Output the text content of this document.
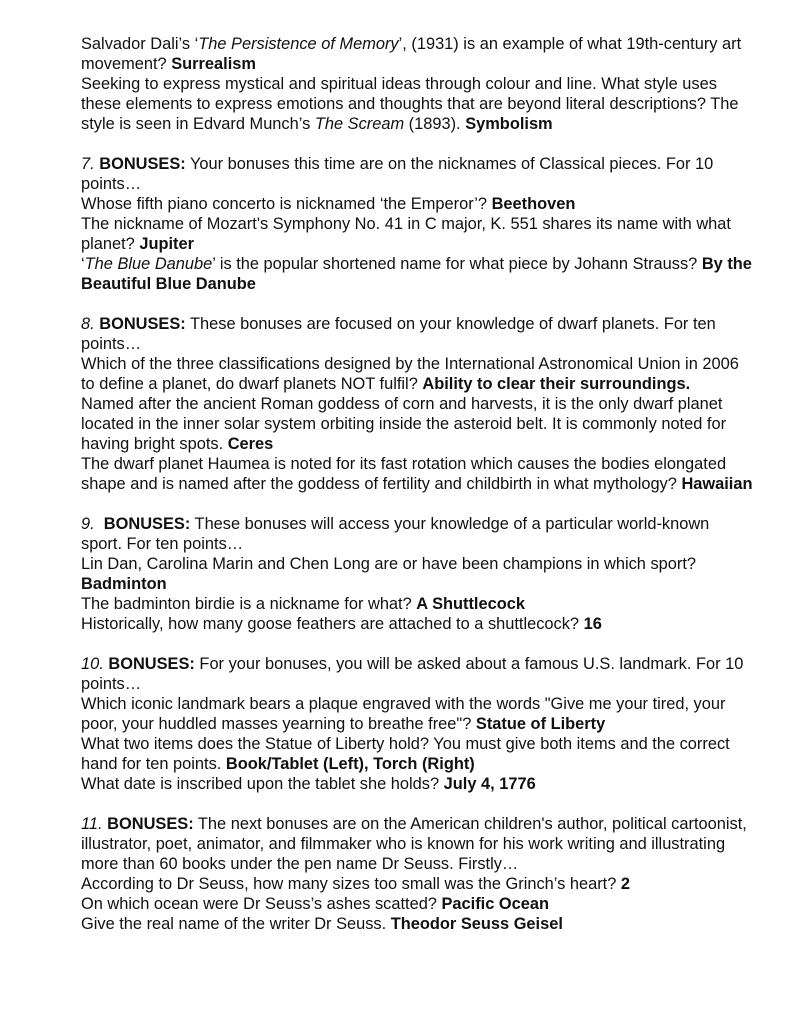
Salvador Dali’s ‘The Persistence of Memory’, (1931) is an example of what 19th-century art movement? Surrealism

Seeking to express mystical and spiritual ideas through colour and line. What style uses these elements to express emotions and thoughts that are beyond literal descriptions? The style is seen in Edvard Munch’s The Scream (1893). Symbolism

7. BONUSES: Your bonuses this time are on the nicknames of Classical pieces. For 10 points…

Whose fifth piano concerto is nicknamed ‘the Emperor’? Beethoven

The nickname of Mozart's Symphony No. 41 in C major, K. 551 shares its name with what planet? Jupiter

‘The Blue Danube’ is the popular shortened name for what piece by Johann Strauss? By the Beautiful Blue Danube

8. BONUSES: These bonuses are focused on your knowledge of dwarf planets. For ten points…

Which of the three classifications designed by the International Astronomical Union in 2006 to define a planet, do dwarf planets NOT fulfil? Ability to clear their surroundings.

Named after the ancient Roman goddess of corn and harvests, it is the only dwarf planet located in the inner solar system orbiting inside the asteroid belt. It is commonly noted for having bright spots. Ceres

The dwarf planet Haumea is noted for its fast rotation which causes the bodies elongated shape and is named after the goddess of fertility and childbirth in what mythology? Hawaiian

9. BONUSES: These bonuses will access your knowledge of a particular world-known sport. For ten points…

Lin Dan, Carolina Marin and Chen Long are or have been champions in which sport? Badminton

The badminton birdie is a nickname for what? A Shuttlecock

Historically, how many goose feathers are attached to a shuttlecock? 16

10. BONUSES: For your bonuses, you will be asked about a famous U.S. landmark. For 10 points…

Which iconic landmark bears a plaque engraved with the words "Give me your tired, your poor, your huddled masses yearning to breathe free"? Statue of Liberty

What two items does the Statue of Liberty hold? You must give both items and the correct hand for ten points. Book/Tablet (Left), Torch (Right)

What date is inscribed upon the tablet she holds? July 4, 1776

11. BONUSES: The next bonuses are on the American children's author, political cartoonist, illustrator, poet, animator, and filmmaker who is known for his work writing and illustrating more than 60 books under the pen name Dr Seuss. Firstly…

According to Dr Seuss, how many sizes too small was the Grinch’s heart? 2

On which ocean were Dr Seuss’s ashes scatted? Pacific Ocean

Give the real name of the writer Dr Seuss. Theodor Seuss Geisel
